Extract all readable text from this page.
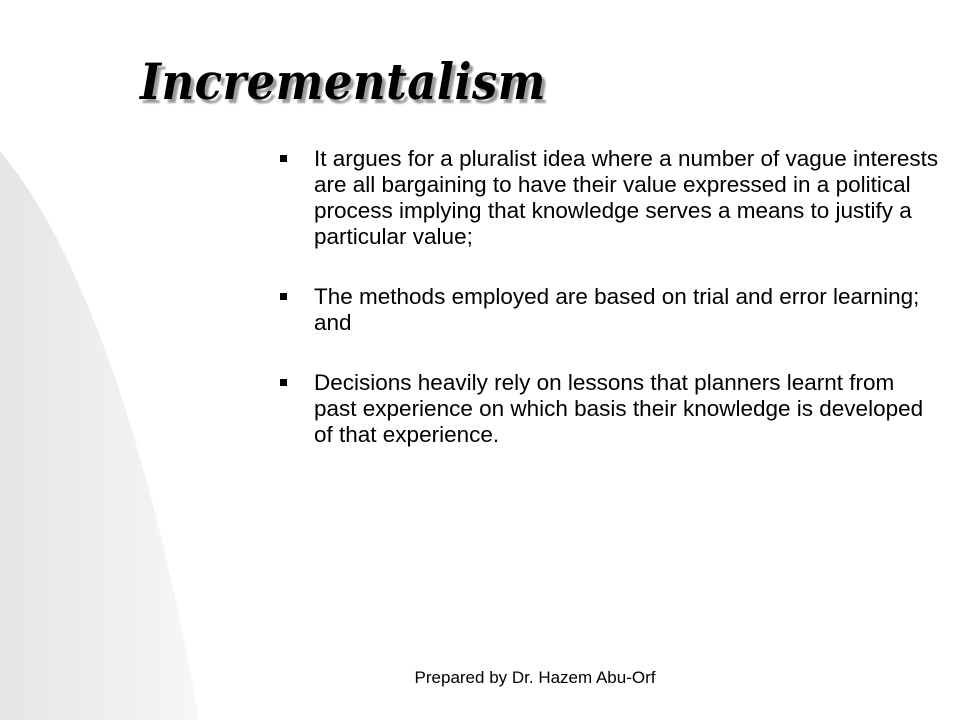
Incrementalism
It argues for a pluralist idea where a number of vague interests are all bargaining to have their value expressed in a political process implying that knowledge serves a means to justify a particular value;
The methods employed are based on trial and error learning; and
Decisions heavily rely on lessons that planners learnt from past experience on which basis their knowledge is developed of that experience.
Prepared by Dr. Hazem Abu-Orf
